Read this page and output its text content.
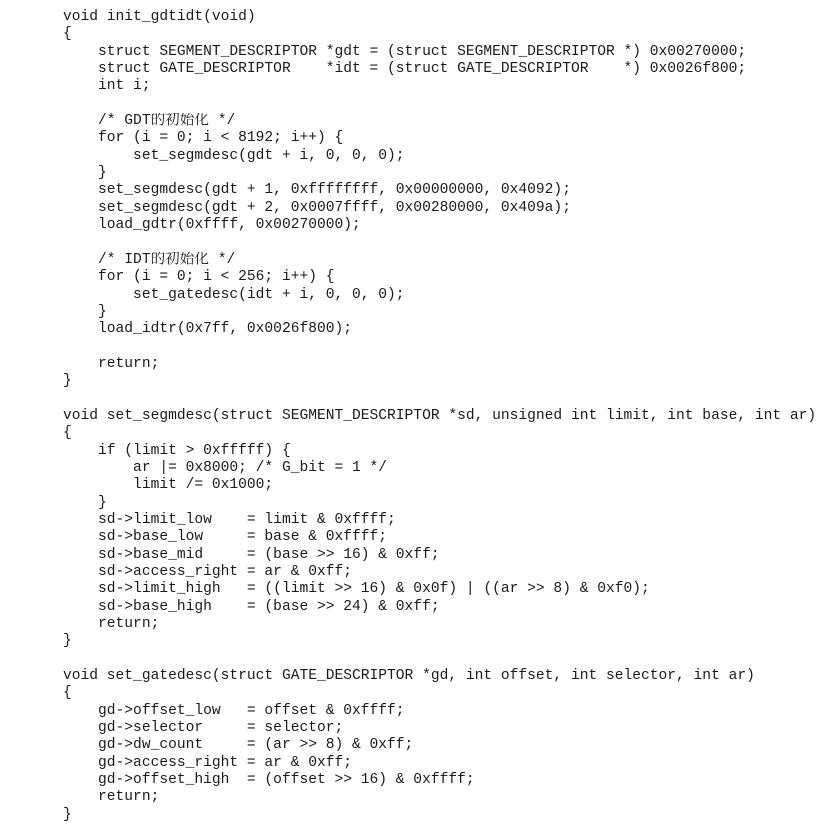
void init_gdtidt(void)
{
struct SEGMENT_DESCRIPTOR *gdt = (struct SEGMENT_DESCRIPTOR *) 0x00270000;
struct GATE_DESCRIPTOR    *idt = (struct GATE_DESCRIPTOR    *) 0x0026f800;
int i;
/* GDT的初始化 */
for (i = 0; i < 8192; i++) {
set_segmdesc(gdt + i, 0, 0, 0);
}
set_segmdesc(gdt + 1, 0xffffffff, 0x00000000, 0x4092);
set_segmdesc(gdt + 2, 0x0007ffff, 0x00280000, 0x409a);
load_gdtr(0xffff, 0x00270000);
/* IDT的初始化 */
for (i = 0; i < 256; i++) {
set_gatedesc(idt + i, 0, 0, 0);
}
load_idtr(0x7ff, 0x0026f800);
return;
}
void set_segmdesc(struct SEGMENT_DESCRIPTOR *sd, unsigned int limit, int base, int ar)
{
if (limit > 0xfffff) {
ar |= 0x8000; /* G_bit = 1 */
limit /= 0x1000;
}
sd->limit_low    = limit & 0xffff;
sd->base_low     = base & 0xffff;
sd->base_mid     = (base >> 16) & 0xff;
sd->access_right = ar & 0xff;
sd->limit_high   = ((limit >> 16) & 0x0f) | ((ar >> 8) & 0xf0);
sd->base_high    = (base >> 24) & 0xff;
return;
}
void set_gatedesc(struct GATE_DESCRIPTOR *gd, int offset, int selector, int ar)
{
gd->offset_low   = offset & 0xffff;
gd->selector     = selector;
gd->dw_count     = (ar >> 8) & 0xff;
gd->access_right = ar & 0xff;
gd->offset_high  = (offset >> 16) & 0xffff;
return;
}
